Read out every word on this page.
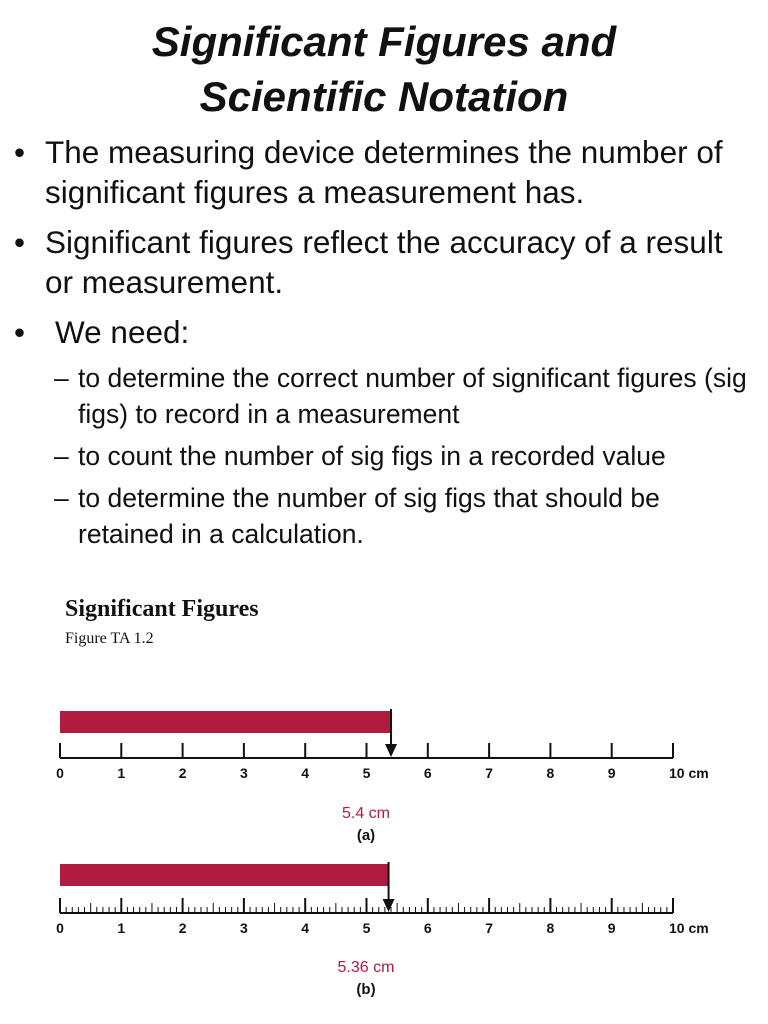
Significant Figures and
Scientific Notation
• The measuring device determines the number of significant figures a measurement has.
• Significant figures reflect the accuracy of a result or measurement.
• We need:
– to determine the correct number of significant figures (sig figs) to record in a measurement
– to count the number of sig figs in a recorded value
– to determine the number of sig figs that should be retained in a calculation.
Significant Figures
Figure TA 1.2
0	1	2	3	4	5	6	7	8	9	10 cm
0	1	2	3	4	5	6	7	8	9	10 cm
5.4 cm
(a)
5.36 cm
(b)
